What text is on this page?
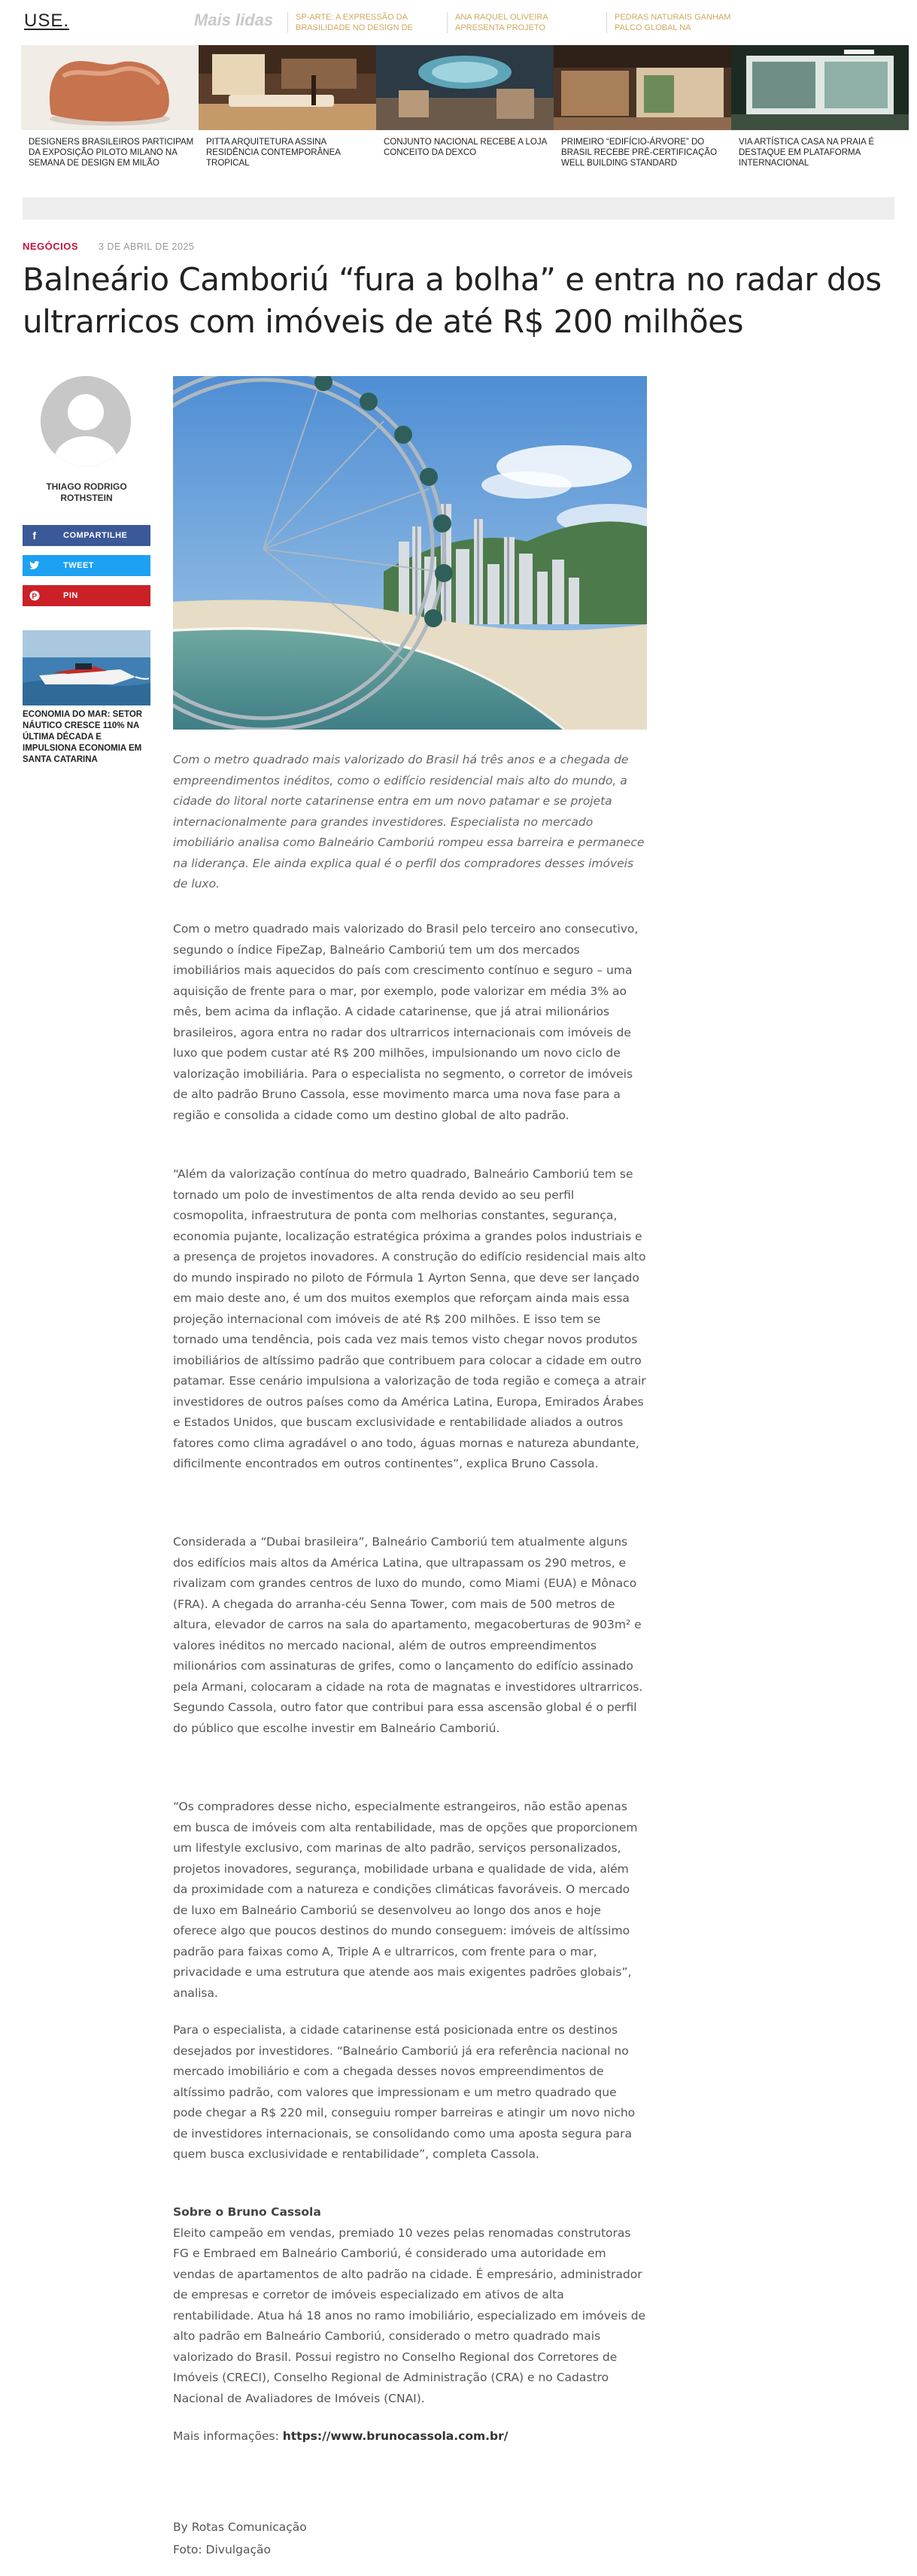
USE.	Mais lidas	SP-ARTE: A EXPRESSÃO DA BRASILIDADE NO DESIGN DE
ANA RAQUEL OLIVEIRA APRESENTA PROJETO
PEDRAS NATURAIS GANHAM PALCO GLOBAL NA
DESIGNERS BRASILEIROS PARTICIPAM DA EXPOSIÇÃO PILOTO MILANO NA SEMANA DE DESIGN EM MILÃO
PITTA ARQUITETURA ASSINA RESIDÊNCIA CONTEMPORÂNEA TROPICAL
CONJUNTO NACIONAL RECEBE A LOJA CONCEITO DA DEXCO
PRIMEIRO “EDIFÍCIO-ÁRVORE” DO BRASIL RECEBE PRÉ-CERTIFICAÇÃO WELL BUILDING STANDARD
VIA ARTÍSTICA CASA NA PRAIA É DESTAQUE EM PLATAFORMA INTERNACIONAL
NEGÓCIOS 3 DE ABRIL DE 2025
Balneário Camboriú “fura a bolha” e entra no radar dos ultrarricos com imóveis de até R$ 200 milhões
THIAGO RODRIGO ROTHSTEIN
f	COMPARTILHE
TWEET
P	PIN
ECONOMIA DO MAR: SETOR NÁUTICO CRESCE 110% NA ÚLTIMA DÉCADA E IMPULSIONA ECONOMIA EM SANTA CATARINA	Com o metro quadrado mais valorizado do Brasil há três anos e a chegada de empreendimentos inéditos, como o edifício residencial mais alto do mundo, a cidade do litoral norte catarinense entra em um novo patamar e se projeta internacionalmente para grandes investidores. Especialista no mercado imobiliário analisa como Balneário Camboriú rompeu essa barreira e permanece na liderança. Ele ainda explica qual é o perfil dos compradores desses imóveis de luxo.

Com o metro quadrado mais valorizado do Brasil pelo terceiro ano consecutivo, segundo o índice FipeZap, Balneário Camboriú tem um dos mercados imobiliários mais aquecidos do país com crescimento contínuo e seguro – uma aquisição de frente para o mar, por exemplo, pode valorizar em média 3% ao mês, bem acima da inflação. A cidade catarinense, que já atrai milionários brasileiros, agora entra no radar dos ultrarricos internacionais com imóveis de luxo que podem custar até R$ 200 milhões, impulsionando um novo ciclo de valorização imobiliária. Para o especialista no segmento, o corretor de imóveis de alto padrão Bruno Cassola, esse movimento marca uma nova fase para a região e consolida a cidade como um destino global de alto padrão.

“Além da valorização contínua do metro quadrado, Balneário Camboriú tem se tornado um polo de investimentos de alta renda devido ao seu perfil cosmopolita, infraestrutura de ponta com melhorias constantes, segurança, economia pujante, localização estratégica próxima a grandes polos industriais e a presença de projetos inovadores. A construção do edifício residencial mais alto do mundo inspirado no piloto de Fórmula 1 Ayrton Senna, que deve ser lançado em maio deste ano, é um dos muitos exemplos que reforçam ainda mais essa projeção internacional com imóveis de até R$ 200 milhões. E isso tem se tornado uma tendência, pois cada vez mais temos visto chegar novos produtos imobiliários de altíssimo padrão que contribuem para colocar a cidade em outro patamar. Esse cenário impulsiona a valorização de toda região e começa a atrair investidores de outros países como da América Latina, Europa, Emirados Árabes e Estados Unidos, que buscam exclusividade e rentabilidade aliados a outros fatores como clima agradável o ano todo, águas mornas e natureza abundante, dificilmente encontrados em outros continentes”, explica Bruno Cassola.

Considerada a “Dubai brasileira”, Balneário Camboriú tem atualmente alguns dos edifícios mais altos da América Latina, que ultrapassam os 290 metros, e rivalizam com grandes centros de luxo do mundo, como Miami (EUA) e Mônaco (FRA). A chegada do arranha-céu Senna Tower, com mais de 500 metros de altura, elevador de carros na sala do apartamento, megacoberturas de 903m² e valores inéditos no mercado nacional, além de outros empreendimentos milionários com assinaturas de grifes, como o lançamento do edifício assinado pela Armani, colocaram a cidade na rota de magnatas e investidores ultrarricos. Segundo Cassola, outro fator que contribui para essa ascensão global é o perfil do público que escolhe investir em Balneário Camboriú.

“Os compradores desse nicho, especialmente estrangeiros, não estão apenas em busca de imóveis com alta rentabilidade, mas de opções que proporcionem um lifestyle exclusivo, com marinas de alto padrão, serviços personalizados, projetos inovadores, segurança, mobilidade urbana e qualidade de vida, além da proximidade com a natureza e condições climáticas favoráveis. O mercado de luxo em Balneário Camboriú se desenvolveu ao longo dos anos e hoje oferece algo que poucos destinos do mundo conseguem: imóveis de altíssimo padrão para faixas como A, Triple A e ultrarricos, com frente para o mar, privacidade e uma estrutura que atende aos mais exigentes padrões globais”, analisa.

Para o especialista, a cidade catarinense está posicionada entre os destinos desejados por investidores. “Balneário Camboriú já era referência nacional no mercado imobiliário e com a chegada desses novos empreendimentos de altíssimo padrão, com valores que impressionam e um metro quadrado que pode chegar a R$ 220 mil, conseguiu romper barreiras e atingir um novo nicho de investidores internacionais, se consolidando como uma aposta segura para quem busca exclusividade e rentabilidade”, completa Cassola.

Sobre o Bruno Cassola
Eleito campeão em vendas, premiado 10 vezes pelas renomadas construtoras FG e Embraed em Balneário Camboriú, é considerado uma autoridade em vendas de apartamentos de alto padrão na cidade. É empresário, administrador de empresas e corretor de imóveis especializado em ativos de alta rentabilidade. Atua há 18 anos no ramo imobiliário, especializado em imóveis de alto padrão em Balneário Camboriú, considerado o metro quadrado mais valorizado do Brasil. Possui registro no Conselho Regional dos Corretores de Imóveis (CRECI), Conselho Regional de Administração (CRA) e no Cadastro Nacional de Avaliadores de Imóveis (CNAI).

Mais informações: https://www.brunocassola.com.br/

By Rotas Comunicação
Foto: Divulgação
